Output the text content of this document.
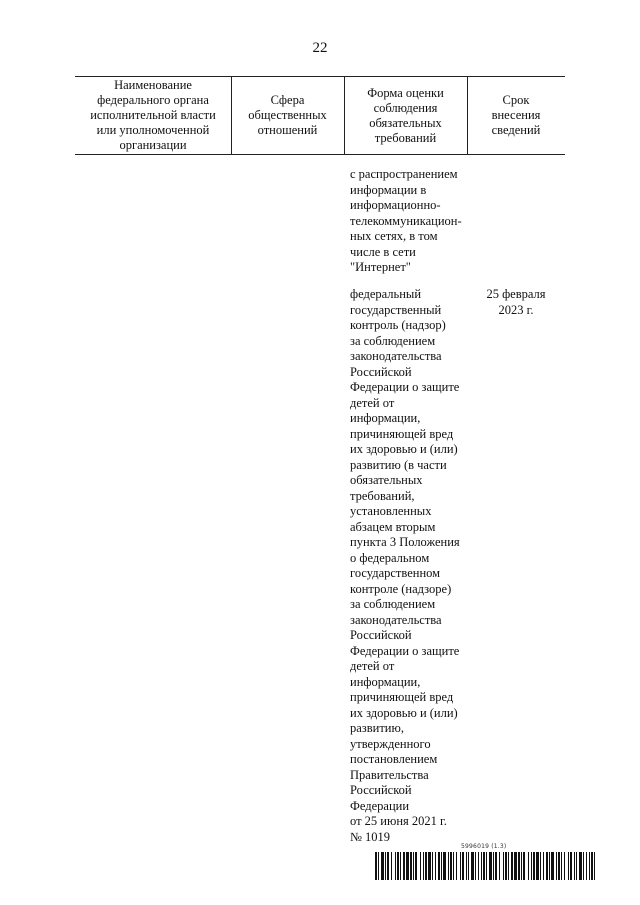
22
Наименование
федерального органа
исполнительной власти
или уполномоченной
организации
Сфера
общественных
отношений
Форма оценки
соблюдения
обязательных
требований
Срок
внесения
сведений
с распространением
информации в
информационно-
телекоммуникацион-
ных сетях, в том
числе в сети
"Интернет"
федеральный
государственный
контроль (надзор)
за соблюдением
законодательства
Российской
Федерации о защите
детей от
информации,
причиняющей вред
их здоровью и (или)
развитию (в части
обязательных
требований,
установленных
абзацем вторым
пункта 3 Положения
о федеральном
государственном
контроле (надзоре)
за соблюдением
законодательства
Российской
Федерации о защите
детей от
информации,
причиняющей вред
их здоровью и (или)
развитию,
утвержденного
постановлением
Правительства
Российской
Федерации
от 25 июня 2021 г.
№ 1019
25 февраля
2023 г.
5996019 (1.3)
